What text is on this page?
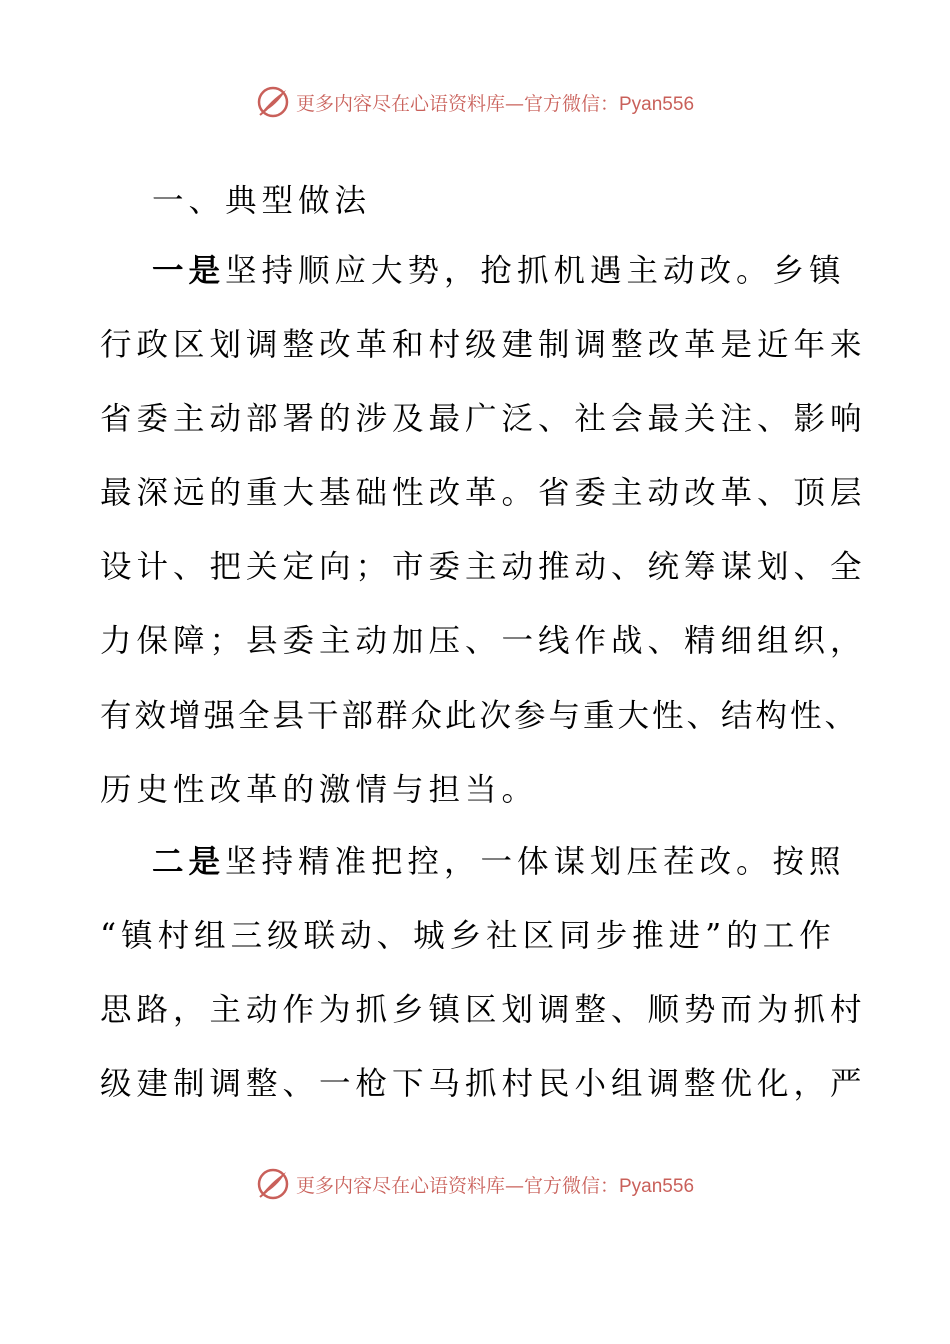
更多内容尽在心语资料库—官方微信：Pyan556
一、典型做法
一是坚持顺应大势，抢抓机遇主动改。乡镇
行政区划调整改革和村级建制调整改革是近年来
省委主动部署的涉及最广泛、社会最关注、影响
最深远的重大基础性改革。省委主动改革、顶层
设计、把关定向；市委主动推动、统筹谋划、全
力保障；县委主动加压、一线作战、精细组织，
有效增强全县干部群众此次参与重大性、结构性、
历史性改革的激情与担当。
二是坚持精准把控，一体谋划压茬改。按照
“镇村组三级联动、城乡社区同步推进”的工作
思路，主动作为抓乡镇区划调整、顺势而为抓村
级建制调整、一枪下马抓村民小组调整优化，严
更多内容尽在心语资料库—官方微信：Pyan556
